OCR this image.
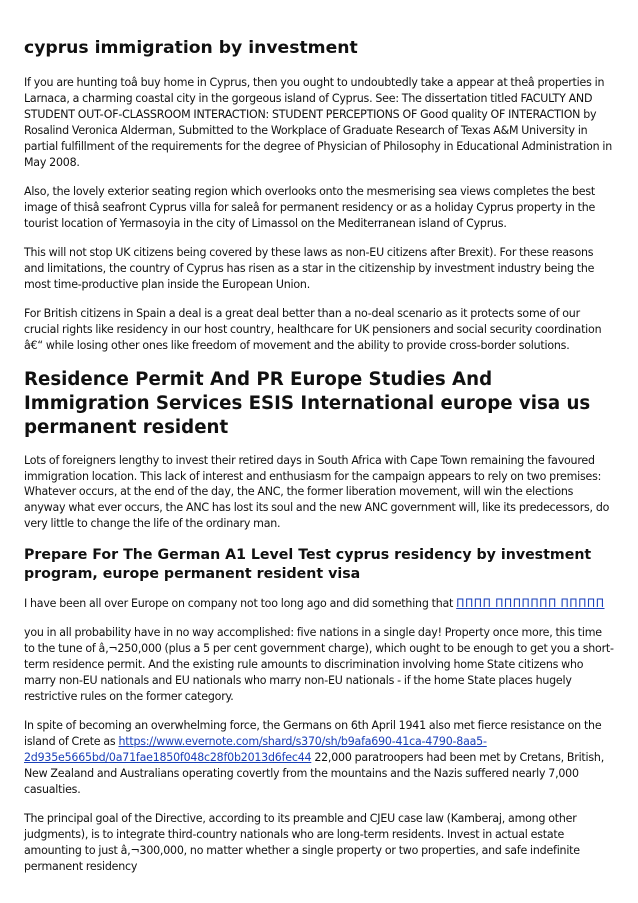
cyprus immigration by investment

If you are hunting toâ buy home in Cyprus, then you ought to undoubtedly take a appear at theâ properties in Larnaca, a charming coastal city in the gorgeous island of Cyprus. See: The dissertation titled FACULTY AND STUDENT OUT-OF-CLASSROOM INTERACTION: STUDENT PERCEPTIONS OF Good quality OF INTERACTION by Rosalind Veronica Alderman, Submitted to the Workplace of Graduate Research of Texas A&M University in partial fulfillment of the requirements for the degree of Physician of Philosophy in Educational Administration in May 2008.

Also, the lovely exterior seating region which overlooks onto the mesmerising sea views completes the best image of thisâ seafront Cyprus villa for saleâ for permanent residency or as a holiday Cyprus property in the tourist location of Yermasoyia in the city of Limassol on the Mediterranean island of Cyprus.

This will not stop UK citizens being covered by these laws as non-EU citizens after Brexit). For these reasons and limitations, the country of Cyprus has risen as a star in the citizenship by investment industry being the most time-productive plan inside the European Union.

For British citizens in Spain a deal is a great deal better than a no-deal scenario as it protects some of our crucial rights like residency in our host country, healthcare for UK pensioners and social security coordination â€“ while losing other ones like freedom of movement and the ability to provide cross-border solutions.

Residence Permit And PR Europe Studies And Immigration Services ESIS International europe visa us permanent resident

Lots of foreigners lengthy to invest their retired days in South Africa with Cape Town remaining the favoured immigration location. This lack of interest and enthusiasm for the campaign appears to rely on two premises: Whatever occurs, at the end of the day, the ANC, the former liberation movement, will win the elections anyway what ever occurs, the ANC has lost its soul and the new ANC government will, like its predecessors, do very little to change the life of the ordinary man.

Prepare For The German A1 Level Test cyprus residency by investment program, europe permanent resident visa

I have been all over Europe on company not too long ago and did something that ΠΠΠΠ ΠΠΠΠΠΠΠ ΠΠΠΠΠ

you in all probability have in no way accomplished: five nations in a single day! Property once more, this time to the tune of â‚¬250,000 (plus a 5 per cent government charge), which ought to be enough to get you a short-term residence permit. And the existing rule amounts to discrimination involving home State citizens who marry non-EU nationals and EU nationals who marry non-EU nationals - if the home State places hugely restrictive rules on the former category.

In spite of becoming an overwhelming force, the Germans on 6th April 1941 also met fierce resistance on the island of Crete as https://www.evernote.com/shard/s370/sh/b9afa690-41ca-4790-8aa5-2d935e5665bd/0a71fae1850f048c28f0b2013d6fec44 22,000 paratroopers had been met by Cretans, British, New Zealand and Australians operating covertly from the mountains and the Nazis suffered nearly 7,000 casualties.

The principal goal of the Directive, according to its preamble and CJEU case law (Kamberaj, among other judgments), is to integrate third-country nationals who are long-term residents. Invest in actual estate amounting to just â‚¬300,000, no matter whether a single property or two properties, and safe indefinite permanent residency
